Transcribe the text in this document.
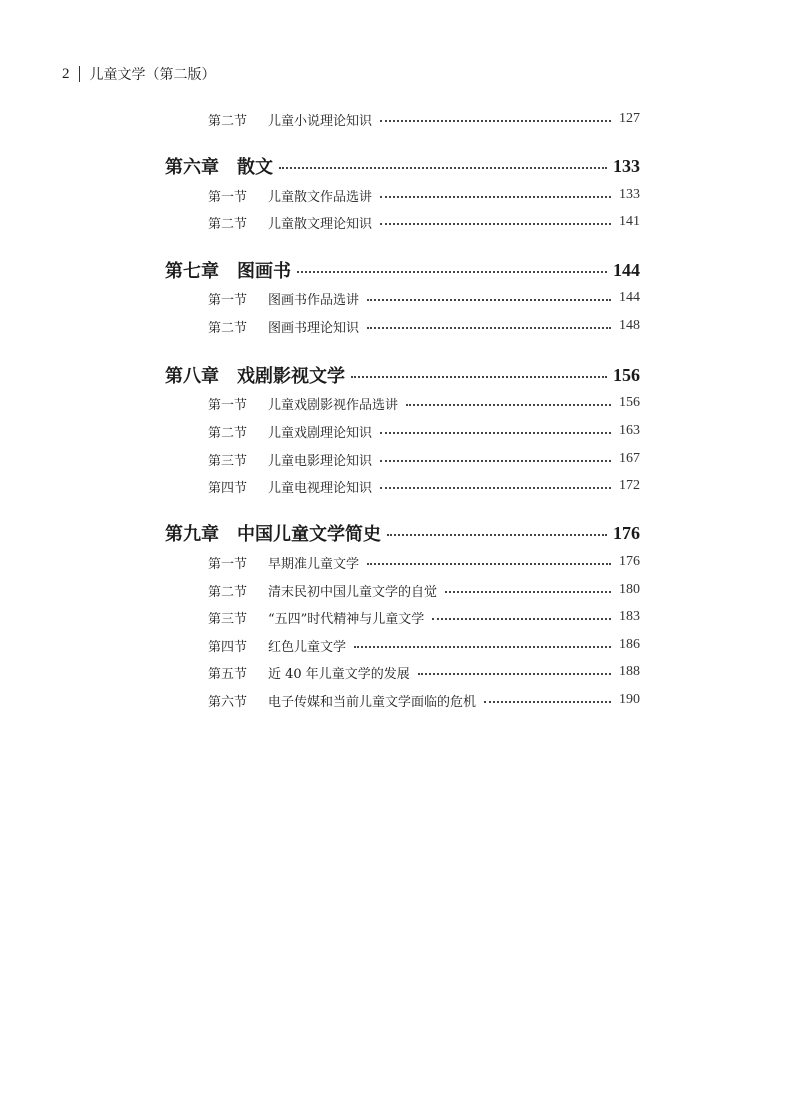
2 儿童文学（第二版）
第二节	儿童小说理论知识	127
第六章	散文	133
第一节	儿童散文作品选讲	133
第二节	儿童散文理论知识	141
第七章	图画书	144
第一节	图画书作品选讲	144
第二节	图画书理论知识	148
第八章	戏剧影视文学	156
第一节	儿童戏剧影视作品选讲	156
第二节	儿童戏剧理论知识	163
第三节	儿童电影理论知识	167
第四节	儿童电视理论知识	172
第九章	中国儿童文学简史	176
第一节	早期准儿童文学	176
第二节	清末民初中国儿童文学的自觉	180
第三节	“五四”时代精神与儿童文学	183
第四节	红色儿童文学	186
第五节	近 40 年儿童文学的发展	188
第六节	电子传媒和当前儿童文学面临的危机	190
